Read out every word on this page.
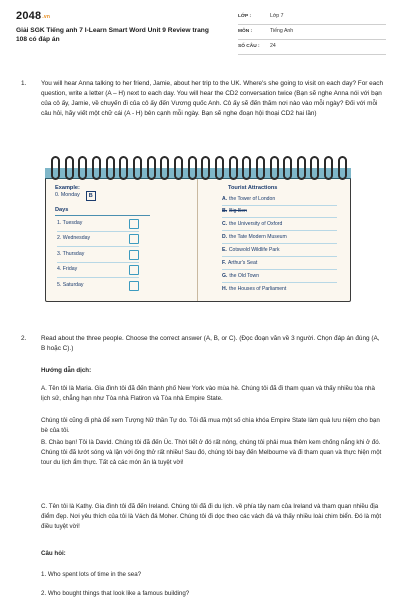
2048.vn
Giải SGK Tiếng anh 7 I-Learn Smart Word Unit 9 Review trang 108 có đáp án
LỚP :	Lớp 7
MÔN :	Tiếng Anh
SỐ CÂU :	24
1. You will hear Anna talking to her friend, Jamie, about her trip to the UK. Where's she going to visit on each day? For each question, write a letter (A – H) next to each day. You will hear the CD2 conversation twice (Bạn sẽ nghe Anna nói với bạn của cô ấy, Jamie, về chuyến đi của cô ấy đến Vương quốc Anh. Cô ấy sẽ đến thăm nơi nào vào mỗi ngày? Đối với mỗi câu hỏi, hãy viết một chữ cái (A - H) bên cạnh mỗi ngày. Bạn sẽ nghe đoạn hội thoại CD2 hai lần)
Example:
0. Monday	B
Days
1. Tuesday
2. Wednesday
3. Thursday
4. Friday
5. Saturday
Tourist Attractions
A. the Tower of London
B. Big Ben
C. the University of Oxford
D. the Tate Modern Museum
E. Cotswold Wildlife Park
F. Arthur's Seat
G. the Old Town
H. the Houses of Parliament
2. Read about the three people. Choose the correct answer (A, B, or C). (Đọc đoạn văn về 3 người. Chọn đáp án đúng (A, B hoặc C).)
Hướng dẫn dịch:
A. Tên tôi là Maria. Gia đình tôi đã đến thành phố New York vào mùa hè. Chúng tôi đã đi tham quan và thấy nhiều tòa nhà lịch sử, chẳng hạn như Tòa nhà Flatiron và Tòa nhà Empire State.
Chúng tôi cũng đi phà để xem Tượng Nữ thần Tự do. Tôi đã mua một số chìa khóa Empire State làm quà lưu niệm cho bạn bè của tôi.
B. Chào bạn! Tôi là David. Chúng tôi đã đến Úc. Thời tiết ở đó rất nóng, chúng tôi phải mua thêm kem chống nắng khi ở đó. Chúng tôi đã lướt sóng và lặn với ống thở rất nhiều! Sau đó, chúng tôi bay đến Melbourne và đi tham quan và thực hiện một tour du lịch ẩm thực. Tất cả các món ăn là tuyệt vời!
C. Tên tôi là Kathy. Gia đình tôi đã đến Ireland. Chúng tôi đã đi du lịch. về phía tây nam của Ireland và tham quan nhiều địa điểm đẹp. Nơi yêu thích của tôi là Vách đá Moher. Chúng tôi đi dọc theo các vách đá và thấy nhiều loài chim biển. Đó là một điều tuyệt vời!
Câu hỏi:
1. Who spent lots of time in the sea?
2. Who bought things that look like a famous building?
